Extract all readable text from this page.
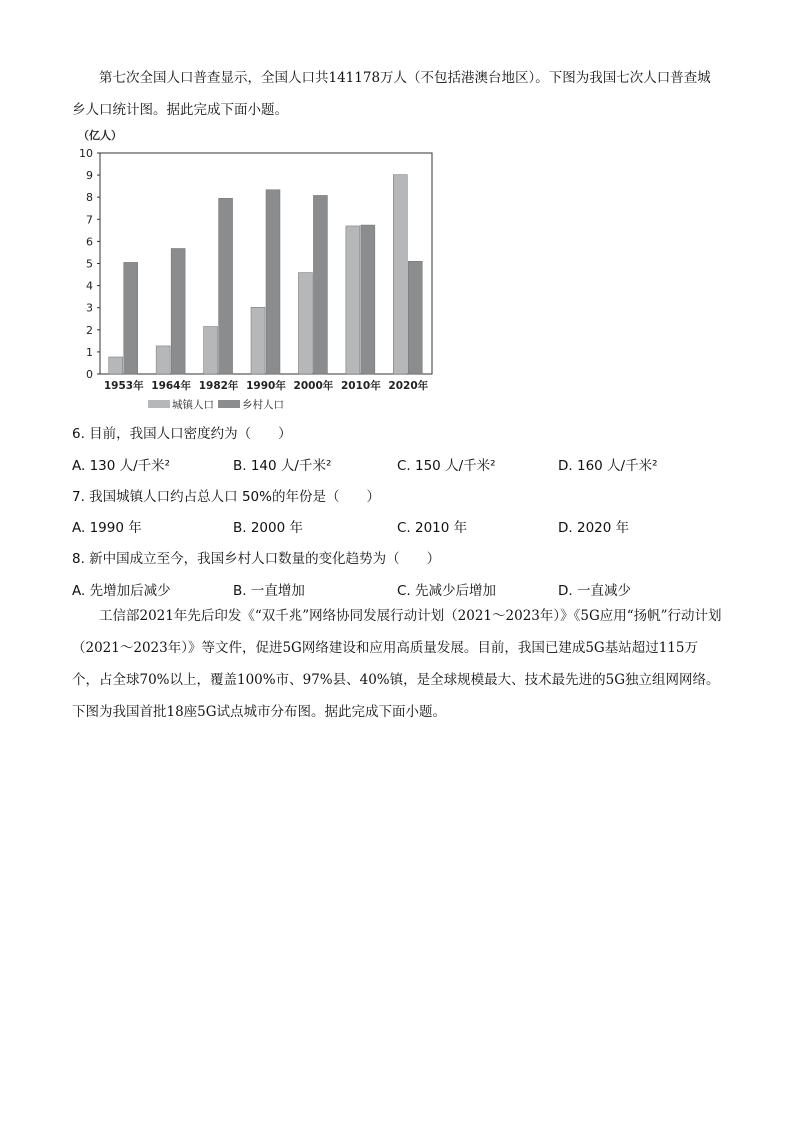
第七次全国人口普查显示，全国人口共141178万人（不包括港澳台地区）。下图为我国七次人口普查城乡人口统计图。据此完成下面小题。

（亿人）
0
1
2
3
4
5
6
7
8
9
10
1953年 1964年 1982年 1990年 2000年 2010年 2020年
城镇人口	乡村人口

6. 目前，我国人口密度约为（　　）

A. 130 人/千米²	B. 140 人/千米²	C. 150 人/千米²	D. 160 人/千米²

7. 我国城镇人口约占总人口 50%的年份是（　　）

A. 1990 年	B. 2000 年	C. 2010 年	D. 2020 年

8. 新中国成立至今，我国乡村人口数量的变化趋势为（　　）

A. 先增加后减少	B. 一直增加	C. 先减少后增加	D. 一直减少

工信部2021年先后印发《“双千兆”网络协同发展行动计划（2021～2023年）》《5G应用“扬帆”行动计划（2021～2023年）》等文件，促进5G网络建设和应用高质量发展。目前，我国已建成5G基站超过115万个，占全球70%以上，覆盖100%市、97%县、40%镇，是全球规模最大、技术最先进的5G独立组网网络。下图为我国首批18座5G试点城市分布图。据此完成下面小题。
